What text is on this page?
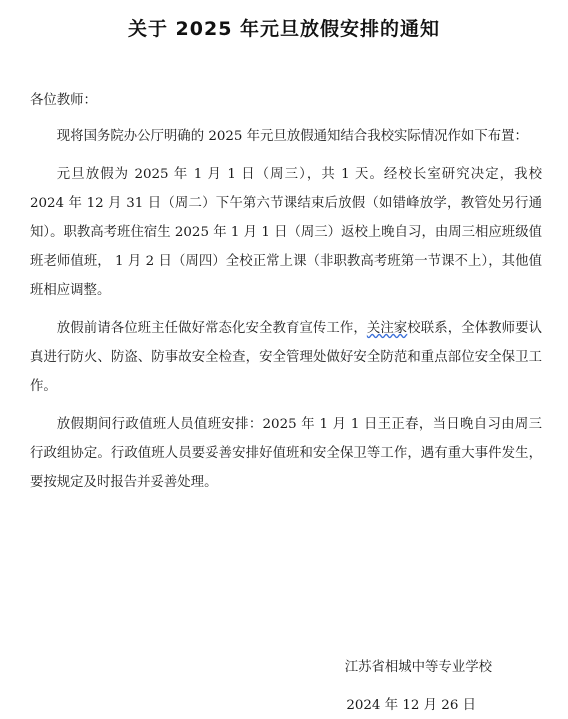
关于 2025 年元旦放假安排的通知

各位教师：

现将国务院办公厅明确的 2025 年元旦放假通知结合我校实际情况作如下布置：

元旦放假为 2025 年 1 月 1 日（周三），共 1 天。经校长室研究决定，我校 2024 年 12 月 31 日（周二）下午第六节课结束后放假（如错峰放学，教管处另行通知）。职教高考班住宿生 2025 年 1 月 1 日（周三）返校上晚自习，由周三相应班级值班老师值班， 1 月 2 日（周四）全校正常上课（非职教高考班第一节课不上），其他值班相应调整。

放假前请各位班主任做好常态化安全教育宣传工作，关注家校联系，全体教师要认真进行防火、防盗、防事故安全检查，安全管理处做好安全防范和重点部位安全保卫工作。

放假期间行政值班人员值班安排：2025 年 1 月 1 日王正春，当日晚自习由周三行政组协定。行政值班人员要妥善安排好值班和安全保卫等工作，遇有重大事件发生，要按规定及时报告并妥善处理。

江苏省相城中等专业学校
2024 年 12 月 26 日
